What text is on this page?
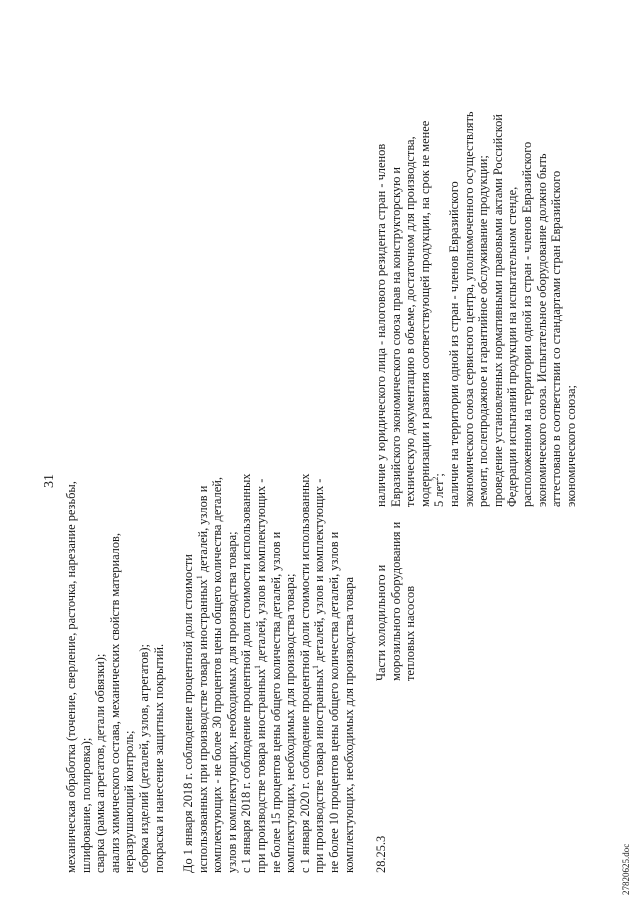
31
механическая обработка (точение, сверление, расточка, нарезание резьбы, шлифование, полировка); сварка (рамка агрегатов, детали обвязки); анализ химического состава, механических свойств материалов, неразрушающий контроль; сборка изделий (деталей, узлов, агрегатов); покраска и нанесение защитных покрытий. До 1 января 2018 г. соблюдение процентной доли стоимости использованных при производстве товара иностранных$^1$ деталей, узлов и комплектующих - не более 30 процентов цены общего количества деталей, узлов и комплектующих, необходимых для производства товара; с 1 января 2018 г. соблюдение процентной доли стоимости использованных при производстве товара иностранных$^1$ деталей, узлов и комплектующих - не более 15 процентов цены общего количества деталей, узлов и комплектующих, необходимых для производства товара; с 1 января 2020 г. соблюдение процентной доли стоимости использованных при производстве товара иностранных$^1$ деталей, узлов и комплектующих - не более 10 процентов цены общего количества деталей, узлов и комплектующих, необходимых для производства товара 28.25.3
Части холодильного и морозильного оборудования и тепловых насосов
наличие у юридического лица - налогового резидента стран - членов Евразийского экономического союза прав на конструкторскую и техническую документацию в объеме, достаточном для производства, модернизации и развития соответствующей продукции, на срок не менее 5 лет$^2$; наличие на территории одной из стран - членов Евразийского экономического союза сервисного центра, уполномоченного осуществлять ремонт, послепродажное и гарантийное обслуживание продукции; проведение установленных нормативными правовыми актами Российской Федерации испытаний продукции на испытательном стенде, расположенном на территории одной из стран - членов Евразийского экономического союза. Испытательное оборудование должно быть аттестовано в соответствии со стандартами стран Евразийского экономического союза;
27820625.doc
